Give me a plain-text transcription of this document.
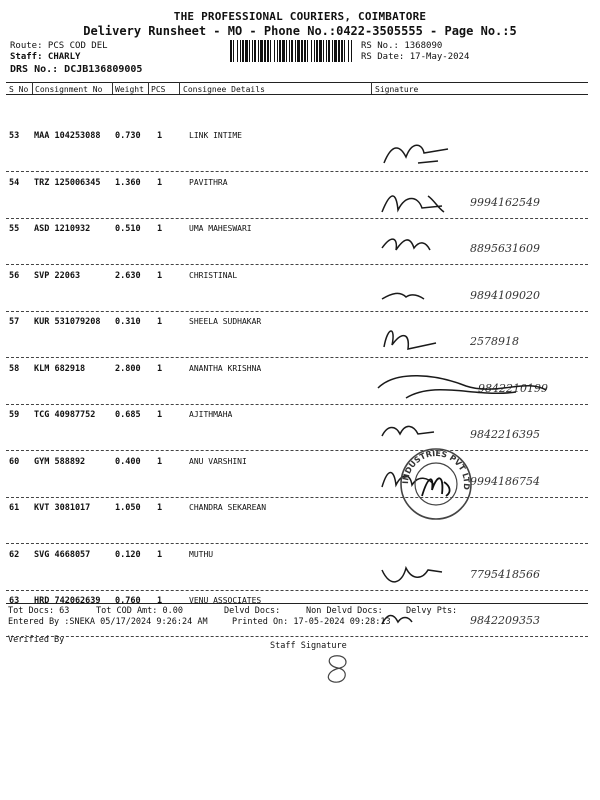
THE PROFESSIONAL COURIERS, COIMBATORE
Delivery Runsheet - MO - Phone No.:0422-3505555 - Page No.:5
Route: PCS COD DEL
Staff: CHARLY
DRS No.: DCJB136809005
RS No.: 1368090
RS Date: 17-May-2024
S No Consignment No Weight PCS Consignee Details	Signature
53 MAA 104253088 0.730 1	LINK INTIME
54 TRZ 125006345 1.360 1	PAVITHRA
9994162549
55 ASD 1210932	0.510 1	UMA MAHESWARI
8895631609
56 SVP 22063	2.630 1	CHRISTINAL
9894109020
57 KUR 531079208 0.310 1	SHEELA SUDHAKAR
2578918
58 KLM 682918	2.800 1	ANANTHA KRISHNA
9842210199
59 TCG 40987752 0.685 1	AJITHMAHA
9842216395
60 GYM 588892	0.400 1	ANU VARSHINI
9994186754
61 KVT 3081017	1.050 1	CHANDRA SEKAREAN
62 SVG 4668057	0.120 1	MUTHU
7795418566
63 HRD 742062639 0.760 1	VENU ASSOCIATES
9842209353
INDUSTRIES PVT LTD
Tot Docs: 63	Tot COD Amt: 0.00	Delvd Docs:	Non Delvd Docs:	Delvy Pts:
Entered By :SNEKA 05/17/2024 9:26:24 AM	Printed On: 17-05-2024 09:28:13
Verified By
Staff Signature
